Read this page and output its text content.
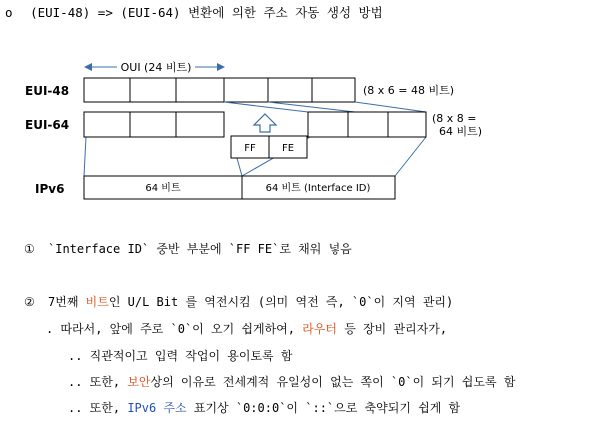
o (EUI-48) => (EUI-64) 변환에 의한 주소 자동 생성 방법
OUI (24 비트)
EUI-48	(8 x 6 = 48 비트)
EUI-64	(8 x 8 =
64 비트)
FF	FE
IPv6	64 비트	64 비트 (Interface ID)
① `Interface ID` 중반 부분에 `FF FE`로 채워 넣음
② 7번째 비트인 U/L Bit 를 역전시킴 (의미 역전 즉, `0`이 지역 관리)
. 따라서, 앞에 주로 `0`이 오기 쉽게하여, 라우터 등 장비 관리자가,
.. 직관적이고 입력 작업이 용이토록 함
.. 또한, 보안상의 이유로 전세계적 유일성이 없는 쪽이 `0`이 되기 쉽도록 함
.. 또한, IPv6 주소 표기상 `0:0:0`이 `::`으로 축약되기 쉽게 함
